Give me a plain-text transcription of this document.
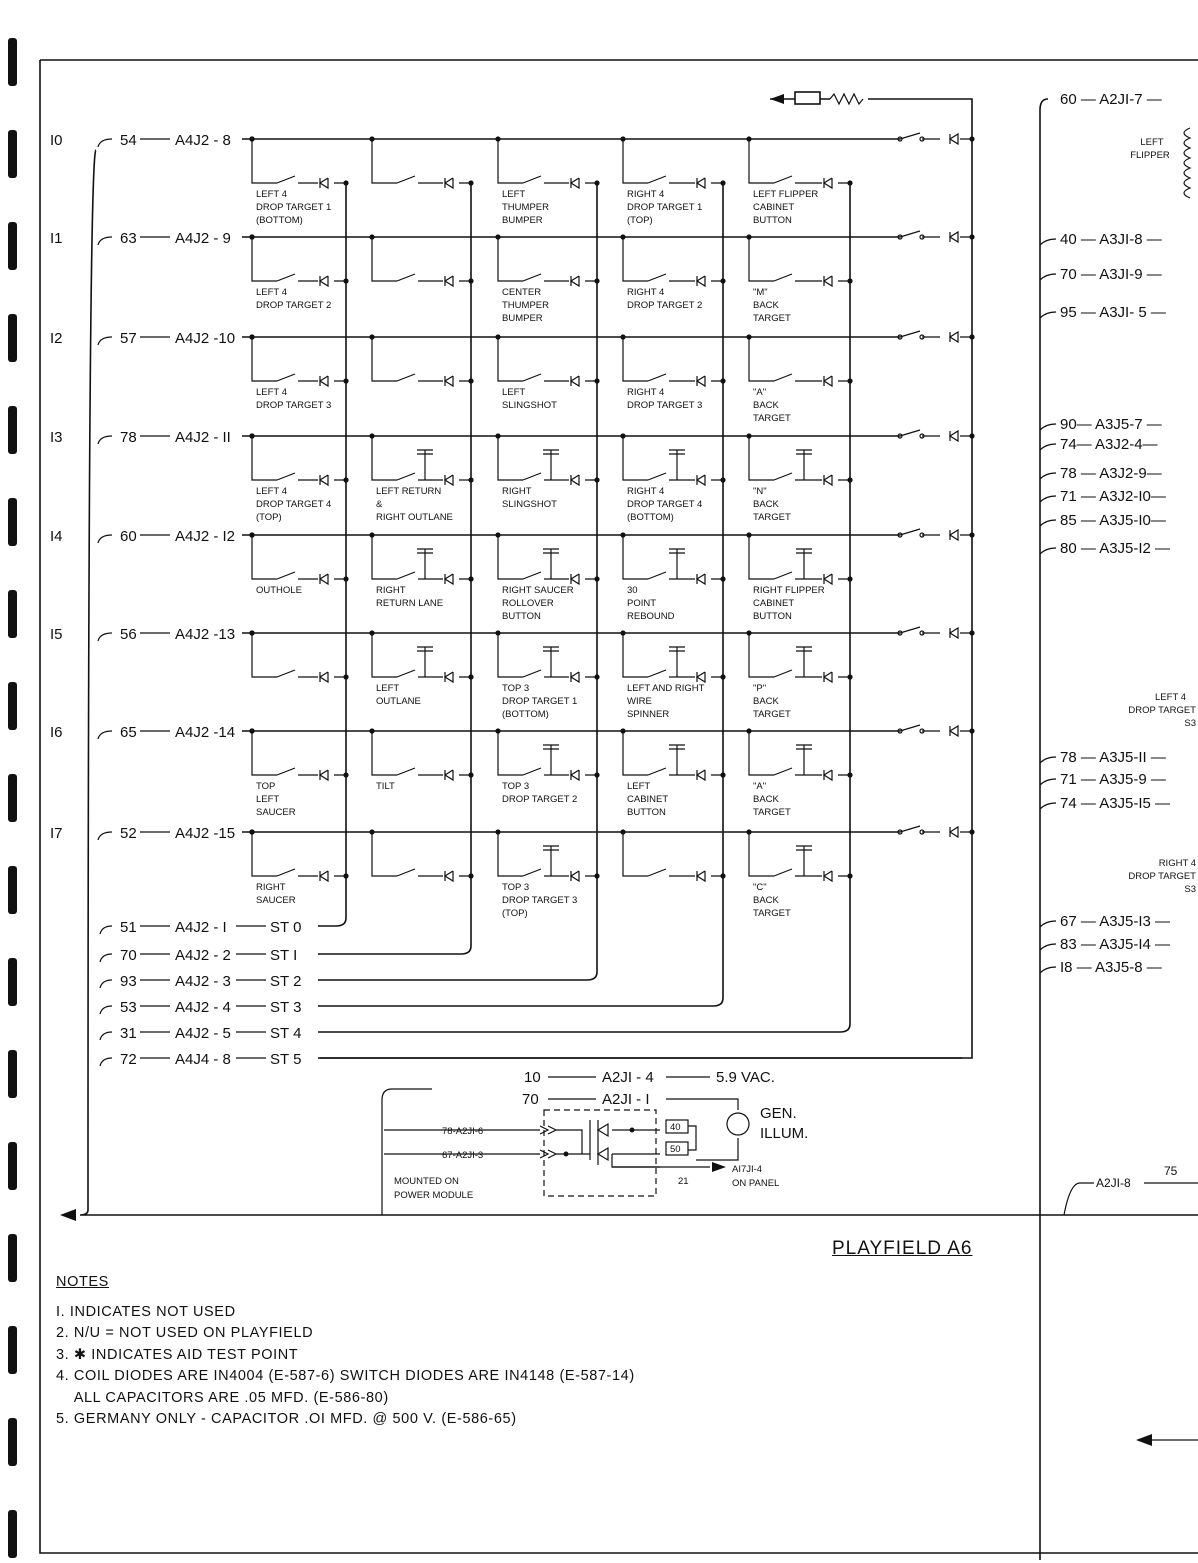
I0	54	A4J2 - 8
I1	63	A4J2 - 9
I2	57	A4J2 -10
I3	78	A4J2 - II
I4	60	A4J2 - I2
I5	56	A4J2 -13
I6	65	A4J2 -14
I7	52	A4J2 -15
LEFT 4
DROP TARGET 1
(BOTTOM)
LEFT
THUMPER
BUMPER
RIGHT 4
DROP TARGET 1
(TOP)
LEFT FLIPPER
CABINET
BUTTON
LEFT 4
DROP TARGET 2
CENTER
THUMPER
BUMPER
RIGHT 4
DROP TARGET 2
"M"
BACK
TARGET
LEFT 4
DROP TARGET 3
LEFT
SLINGSHOT
RIGHT 4
DROP TARGET 3
"A"
BACK
TARGET
LEFT 4
DROP TARGET 4
(TOP)
LEFT RETURN
&
RIGHT OUTLANE
RIGHT
SLINGSHOT
RIGHT 4
DROP TARGET 4
(BOTTOM)
"N"
BACK
TARGET
OUTHOLE	RIGHT
RETURN LANE
RIGHT SAUCER
ROLLOVER
BUTTON
30
POINT
REBOUND
RIGHT FLIPPER
CABINET
BUTTON
LEFT
OUTLANE
TOP 3
DROP TARGET 1
(BOTTOM)
LEFT AND RIGHT
WIRE
SPINNER
"P"
BACK
TARGET
TOP
LEFT
SAUCER
TILT	TOP 3
DROP TARGET 2
LEFT
CABINET
BUTTON
"A"
BACK
TARGET
RIGHT
SAUCER
TOP 3
DROP TARGET 3
(TOP)
"C"
BACK
TARGET
51	A4J2 - I	ST 0
70	A4J2 - 2	ST I
93	A4J2 - 3	ST 2
53	A4J2 - 4	ST 3
31	A4J2 - 5	ST 4
72	A4J4 - 8	ST 5
10	A2JI - 4	5.9 VAC.
70	A2JI - I
78-A2JI-6
67-A2JI-3
40
50
GEN.
ILLUM.
21
AI7JI-4
ON PANEL
MOUNTED ON
POWER MODULE
60 — A2JI-7 —
LEFT
FLIPPER
40 — A3JI-8 —
70 — A3JI-9 —
95 — A3JI- 5 —
90— A3J5-7 —
74— A3J2-4—
78 — A3J2-9—
71 — A3J2-I0—
85 — A3J5-I0—
80 — A3J5-I2 —
78 — A3J5-II —
71 — A3J5-9 —
74 — A3J5-I5 —
67 — A3J5-I3 —
83 — A3J5-I4 —
I8 — A3J5-8 —
LEFT 4
DROP TARGET
S3
RIGHT 4
DROP TARGET
S3
A2JI-8
75
PLAYFIELD A6
NOTES
I. INDICATES NOT USED
2. N/U = NOT USED ON PLAYFIELD
3. ✱ INDICATES AID TEST POINT
4. COIL DIODES ARE IN4004 (E-587-6) SWITCH DIODES ARE IN4148 (E-587-14)
ALL CAPACITORS ARE .05 MFD. (E-586-80)
5. GERMANY ONLY - CAPACITOR .OI MFD. @ 500 V. (E-586-65)
